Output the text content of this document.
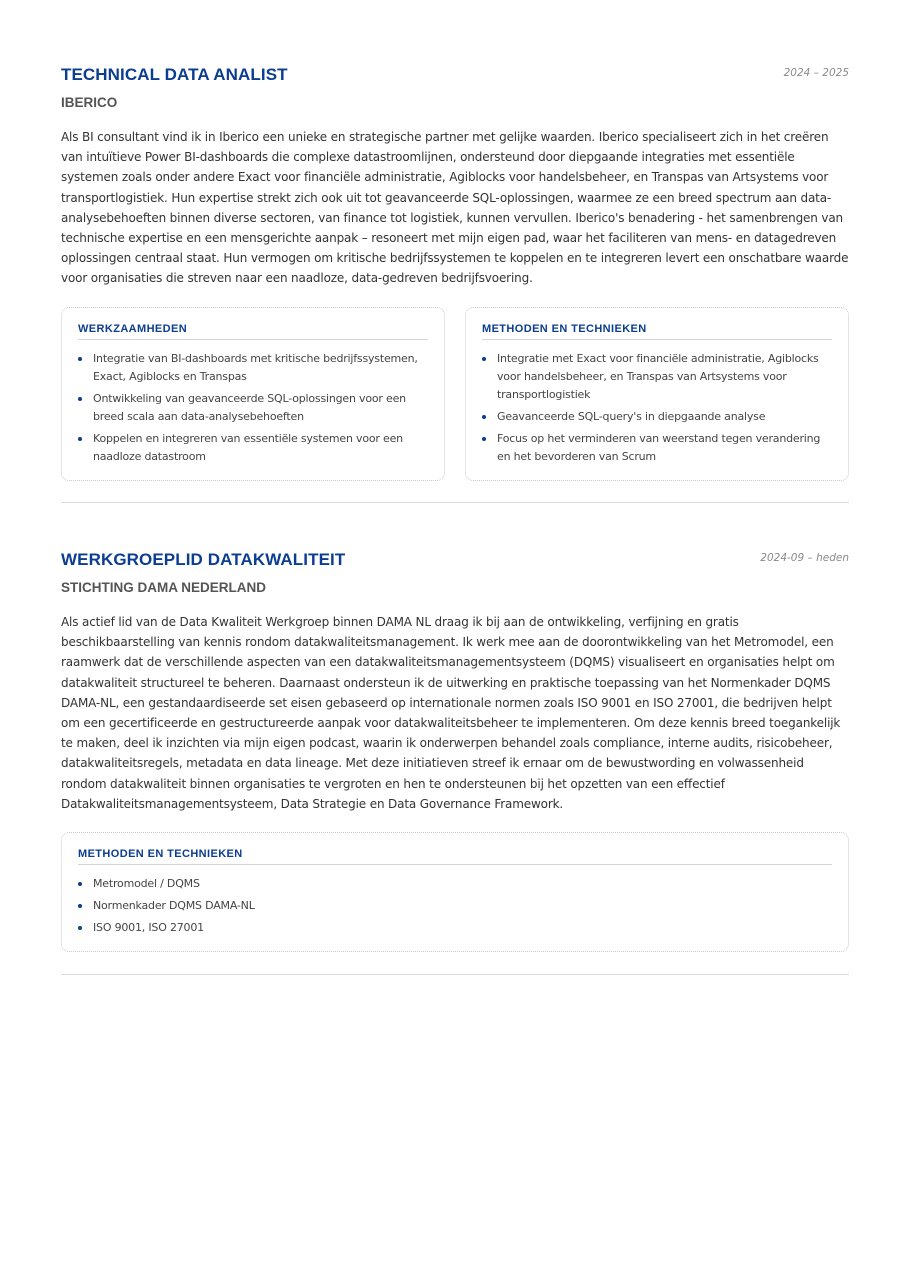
TECHNICAL DATA ANALIST	2024 – 2025
IBERICO

Als BI consultant vind ik in Iberico een unieke en strategische partner met gelijke waarden. Iberico specialiseert zich in het creëren van intuïtieve Power BI-dashboards die complexe datastroomlijnen, ondersteund door diepgaande integraties met essentiële systemen zoals onder andere Exact voor financiële administratie, Agiblocks voor handelsbeheer, en Transpas van Artsystems voor transportlogistiek. Hun expertise strekt zich ook uit tot geavanceerde SQL-oplossingen, waarmee ze een breed spectrum aan data-analysebehoeften binnen diverse sectoren, van finance tot logistiek, kunnen vervullen. Iberico's benadering - het samenbrengen van technische expertise en een mensgerichte aanpak – resoneert met mijn eigen pad, waar het faciliteren van mens- en datagedreven oplossingen centraal staat. Hun vermogen om kritische bedrijfssystemen te koppelen en te integreren levert een onschatbare waarde voor organisaties die streven naar een naadloze, data-gedreven bedrijfsvoering.

WERKZAAMHEDEN
Integratie van BI-dashboards met kritische bedrijfssystemen, Exact, Agiblocks en Transpas
Ontwikkeling van geavanceerde SQL-oplossingen voor een breed scala aan data-analysebehoeften
Koppelen en integreren van essentiële systemen voor een naadloze datastroom
METHODEN EN TECHNIEKEN
Integratie met Exact voor financiële administratie, Agiblocks voor handelsbeheer, en Transpas van Artsystems voor transportlogistiek
Geavanceerde SQL-query's in diepgaande analyse
Focus op het verminderen van weerstand tegen verandering en het bevorderen van Scrum
WERKGROEPLID DATAKWALITEIT	2024-09 – heden
STICHTING DAMA NEDERLAND

Als actief lid van de Data Kwaliteit Werkgroep binnen DAMA NL draag ik bij aan de ontwikkeling, verfijning en gratis beschikbaarstelling van kennis rondom datakwaliteitsmanagement. Ik werk mee aan de doorontwikkeling van het Metromodel, een raamwerk dat de verschillende aspecten van een datakwaliteitsmanagementsysteem (DQMS) visualiseert en organisaties helpt om datakwaliteit structureel te beheren. Daarnaast ondersteun ik de uitwerking en praktische toepassing van het Normenkader DQMS DAMA-NL, een gestandaardiseerde set eisen gebaseerd op internationale normen zoals ISO 9001 en ISO 27001, die bedrijven helpt om een gecertificeerde en gestructureerde aanpak voor datakwaliteitsbeheer te implementeren. Om deze kennis breed toegankelijk te maken, deel ik inzichten via mijn eigen podcast, waarin ik onderwerpen behandel zoals compliance, interne audits, risicobeheer, datakwaliteitsregels, metadata en data lineage. Met deze initiatieven streef ik ernaar om de bewustwording en volwassenheid rondom datakwaliteit binnen organisaties te vergroten en hen te ondersteunen bij het opzetten van een effectief Datakwaliteitsmanagementsysteem, Data Strategie en Data Governance Framework.

METHODEN EN TECHNIEKEN
Metromodel / DQMS
Normenkader DQMS DAMA-NL
ISO 9001, ISO 27001
